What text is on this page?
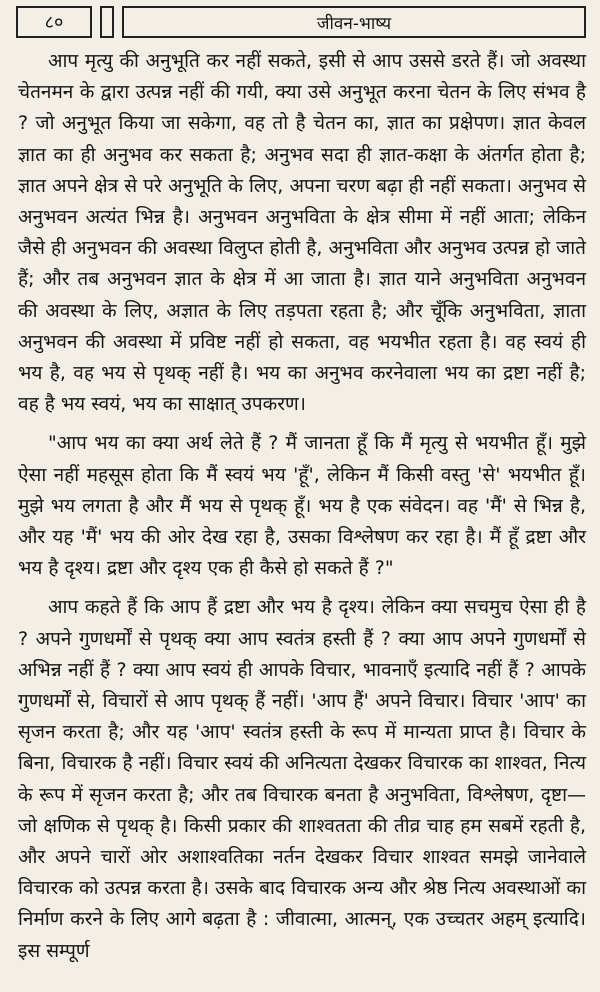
८०	जीवन-भाष्य

आप मृत्यु की अनुभूति कर नहीं सकते, इसी से आप उससे डरते हैं। जो अवस्था चेतनमन के द्वारा उत्पन्न नहीं की गयी, क्या उसे अनुभूत करना चेतन के लिए संभव है ? जो अनुभूत किया जा सकेगा, वह तो है चेतन का, ज्ञात का प्रक्षेपण। ज्ञात केवल ज्ञात का ही अनुभव कर सकता है; अनुभव सदा ही ज्ञात-कक्षा के अंतर्गत होता है; ज्ञात अपने क्षेत्र से परे अनुभूति के लिए, अपना चरण बढ़ा ही नहीं सकता। अनुभव से अनुभवन अत्यंत भिन्न है। अनुभवन अनुभविता के क्षेत्र सीमा में नहीं आता; लेकिन जैसे ही अनुभवन की अवस्था विलुप्त होती है, अनुभविता और अनुभव उत्पन्न हो जाते हैं; और तब अनुभवन ज्ञात के क्षेत्र में आ जाता है। ज्ञात याने अनुभविता अनुभवन की अवस्था के लिए, अज्ञात के लिए तड़पता रहता है; और चूँकि अनुभविता, ज्ञाता अनुभवन की अवस्था में प्रविष्ट नहीं हो सकता, वह भयभीत रहता है। वह स्वयं ही भय है, वह भय से पृथक् नहीं है। भय का अनुभव करनेवाला भय का द्रष्टा नहीं है; वह है भय स्वयं, भय का साक्षात् उपकरण।

"आप भय का क्या अर्थ लेते हैं ? मैं जानता हूँ कि मैं मृत्यु से भयभीत हूँ। मुझे ऐसा नहीं महसूस होता कि मैं स्वयं भय 'हूँ', लेकिन मैं किसी वस्तु 'से' भयभीत हूँ। मुझे भय लगता है और मैं भय से पृथक् हूँ। भय है एक संवेदन। वह 'मैं' से भिन्न है, और यह 'मैं' भय की ओर देख रहा है, उसका विश्लेषण कर रहा है। मैं हूँ द्रष्टा और भय है दृश्य। द्रष्टा और दृश्य एक ही कैसे हो सकते हैं ?"

आप कहते हैं कि आप हैं द्रष्टा और भय है दृश्य। लेकिन क्या सचमुच ऐसा ही है ? अपने गुणधर्मों से पृथक् क्या आप स्वतंत्र हस्ती हैं ? क्या आप अपने गुणधर्मों से अभिन्न नहीं हैं ? क्या आप स्वयं ही आपके विचार, भावनाएँ इत्यादि नहीं हैं ? आपके गुणधर्मों से, विचारों से आप पृथक् हैं नहीं। 'आप हैं' अपने विचार। विचार 'आप' का सृजन करता है; और यह 'आप' स्वतंत्र हस्ती के रूप में मान्यता प्राप्त है। विचार के बिना, विचारक है नहीं। विचार स्वयं की अनित्यता देखकर विचारक का शाश्वत, नित्य के रूप में सृजन करता है; और तब विचारक बनता है अनुभविता, विश्लेषण, दृष्टा—जो क्षणिक से पृथक् है। किसी प्रकार की शाश्वतता की तीव्र चाह हम सबमें रहती है, और अपने चारों ओर अशाश्वतिका नर्तन देखकर विचार शाश्वत समझे जानेवाले विचारक को उत्पन्न करता है। उसके बाद विचारक अन्य और श्रेष्ठ नित्य अवस्थाओं का निर्माण करने के लिए आगे बढ़ता है : जीवात्मा, आत्मन्, एक उच्चतर अहम् इत्यादि। इस सम्पूर्ण
